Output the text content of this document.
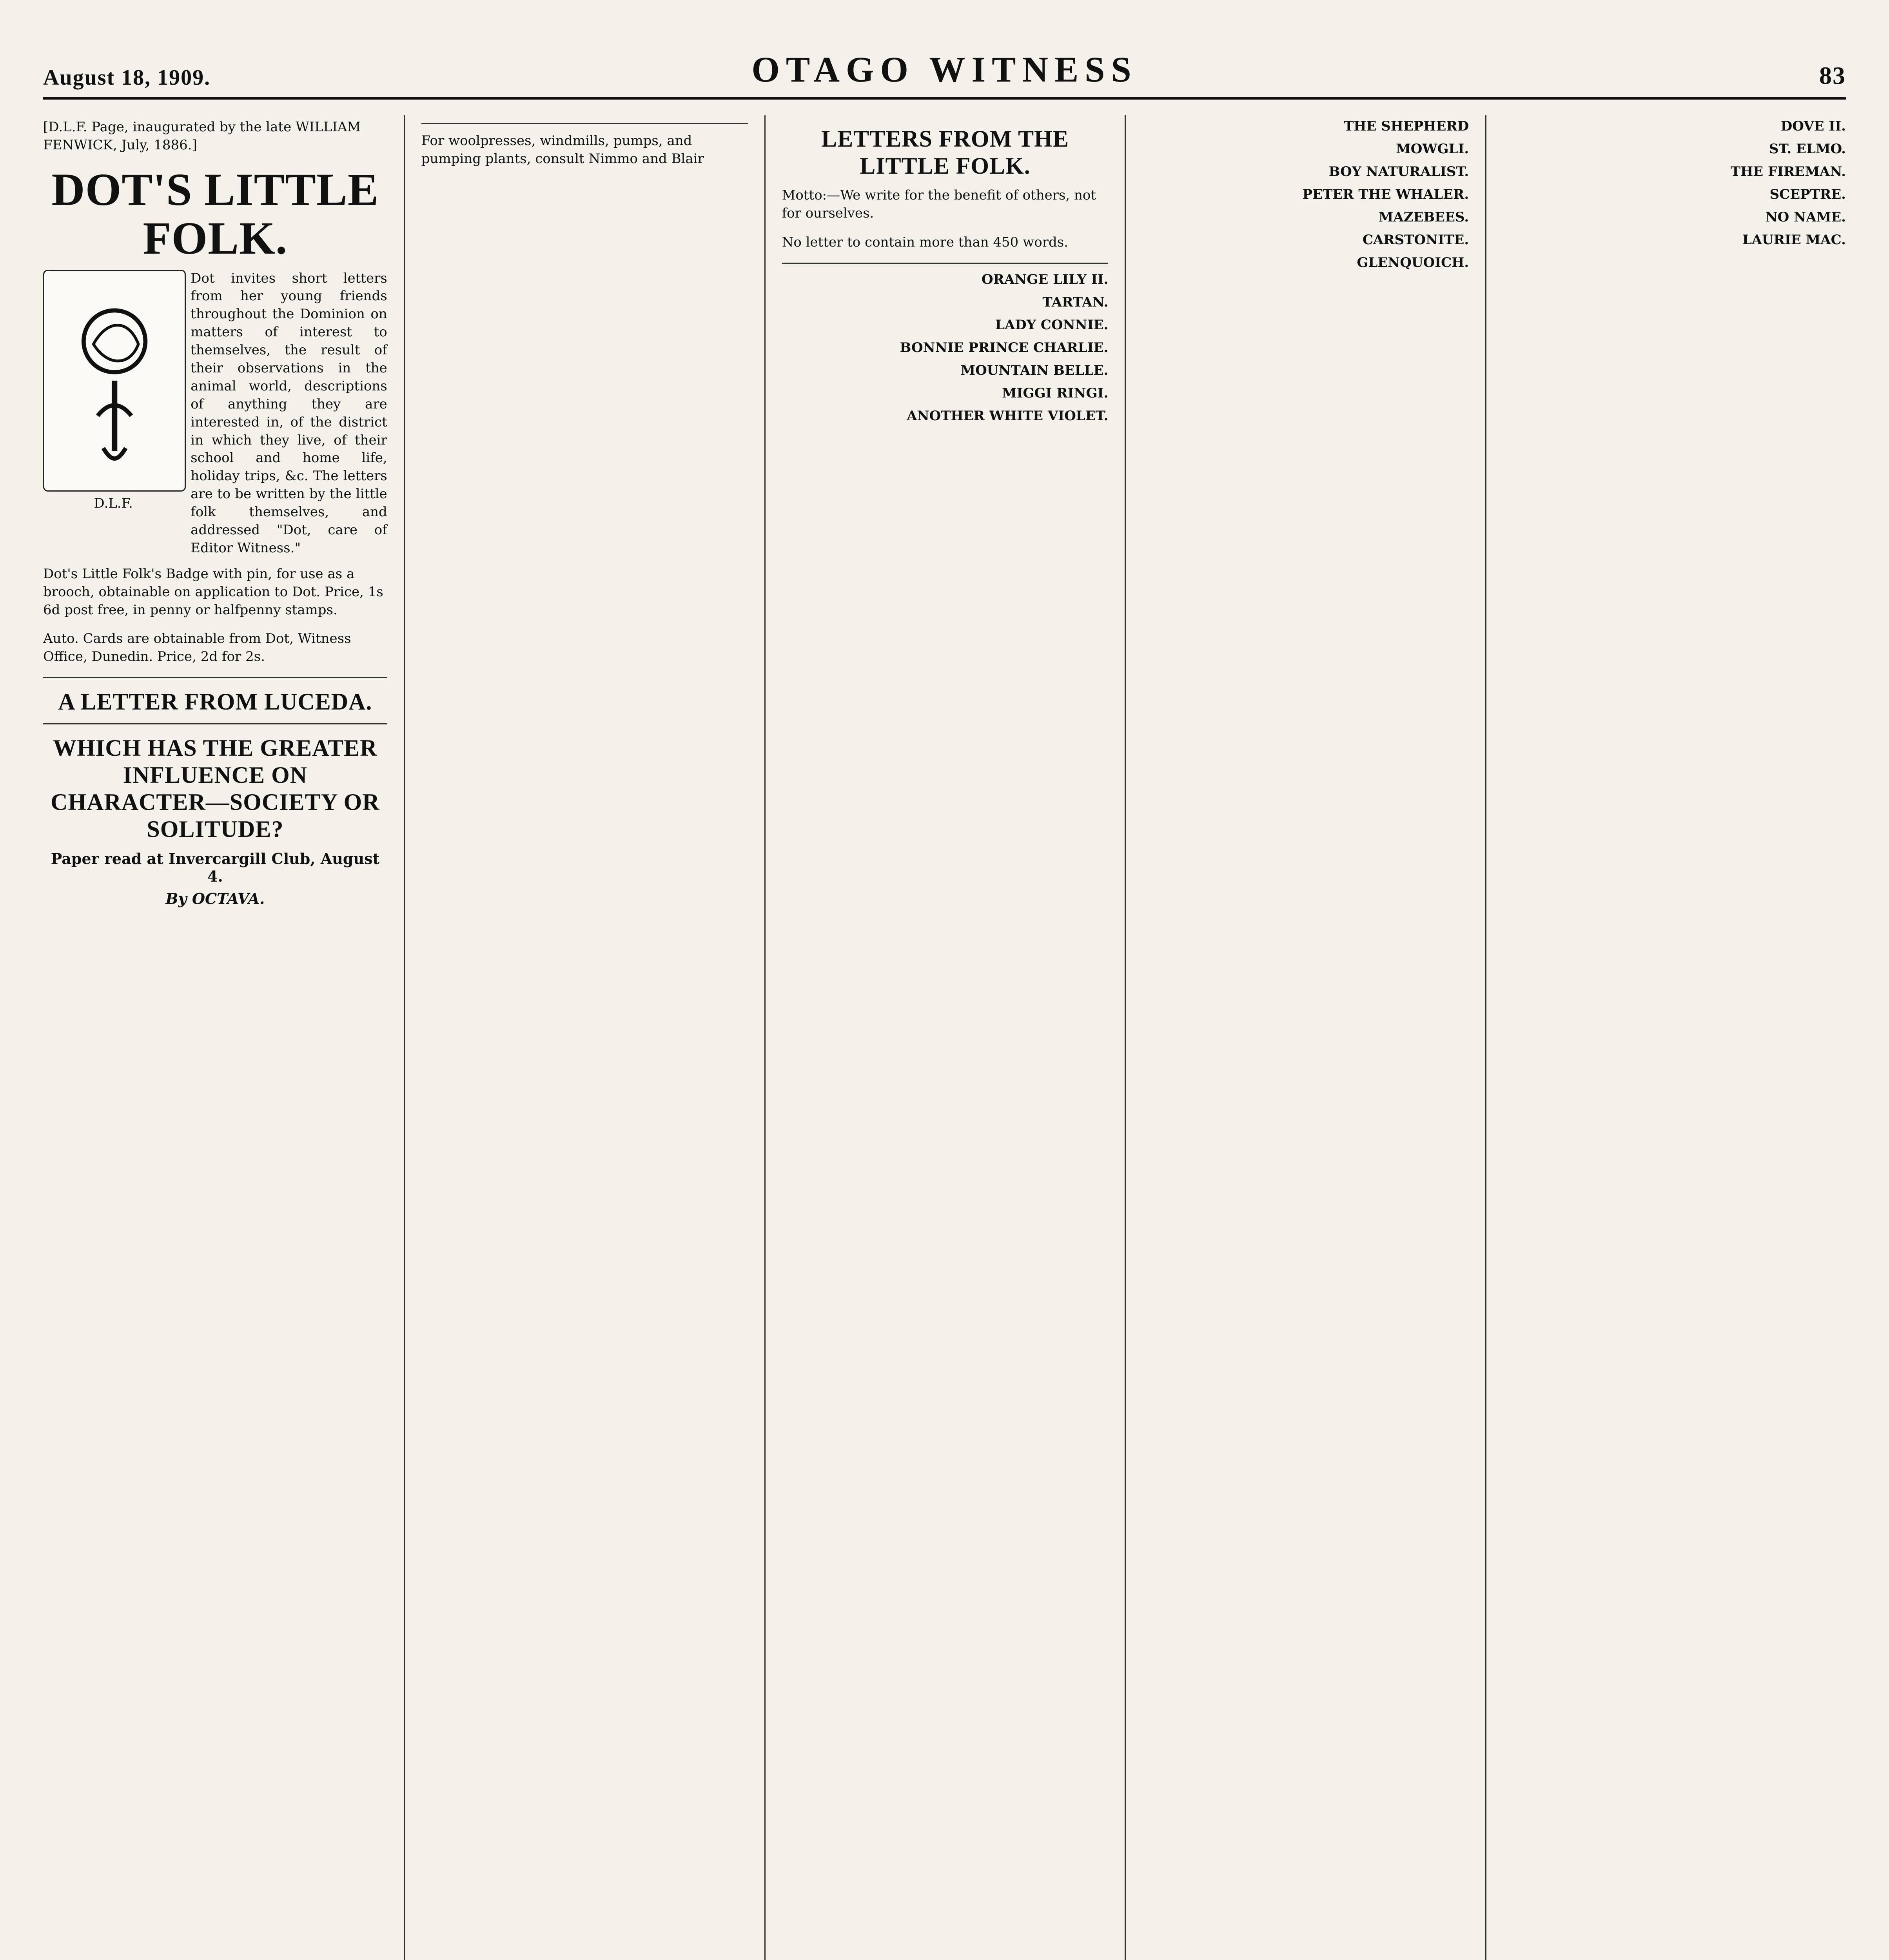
August 18, 1909.	OTAGO WITNESS	83
[D.L.F. Page, inaugurated by the late WILLIAM FENWICK, July, 1886.]
DOT'S LITTLE FOLK.
D.L.F.
Dot invites short letters from her young friends throughout the Dominion on matters of interest to themselves, the result of their observations in the animal world, descriptions of anything they are interested in, of the district in which they live, of their school and home life, holiday trips, &c. The letters are to be written by the little folk themselves, and addressed "Dot, care of Editor Witness."
Dot's Little Folk's Badge with pin, for use as a brooch, obtainable on application to Dot. Price, 1s 6d post free, in penny or halfpenny stamps.
Auto. Cards are obtainable from Dot, Witness Office, Dunedin. Price, 2d for 2s.
A LETTER FROM LUCEDA.
WHICH HAS THE GREATER INFLUENCE ON CHARACTER—SOCIETY OR SOLITUDE?
Paper read at Invercargill Club, August 4.
By OCTAVA.
For woolpresses, windmills, pumps, and pumping plants, consult Nimmo and Blair
LETTERS FROM THE LITTLE FOLK.
Motto:—We write for the benefit of others, not for ourselves.
No letter to contain more than 450 words.
ORANGE LILY II.
TARTAN.
LADY CONNIE.
BONNIE PRINCE CHARLIE.
MOUNTAIN BELLE.
MIGGI RINGI.
ANOTHER WHITE VIOLET.
THE SHEPHERD
MOWGLI.
BOY NATURALIST.
PETER THE WHALER.
MAZEBEES.
CARSTONITE.
GLENQUOICH.
DOVE II.
ST. ELMO.
THE FIREMAN.
SCEPTRE.
NO NAME.
LAURIE MAC.
